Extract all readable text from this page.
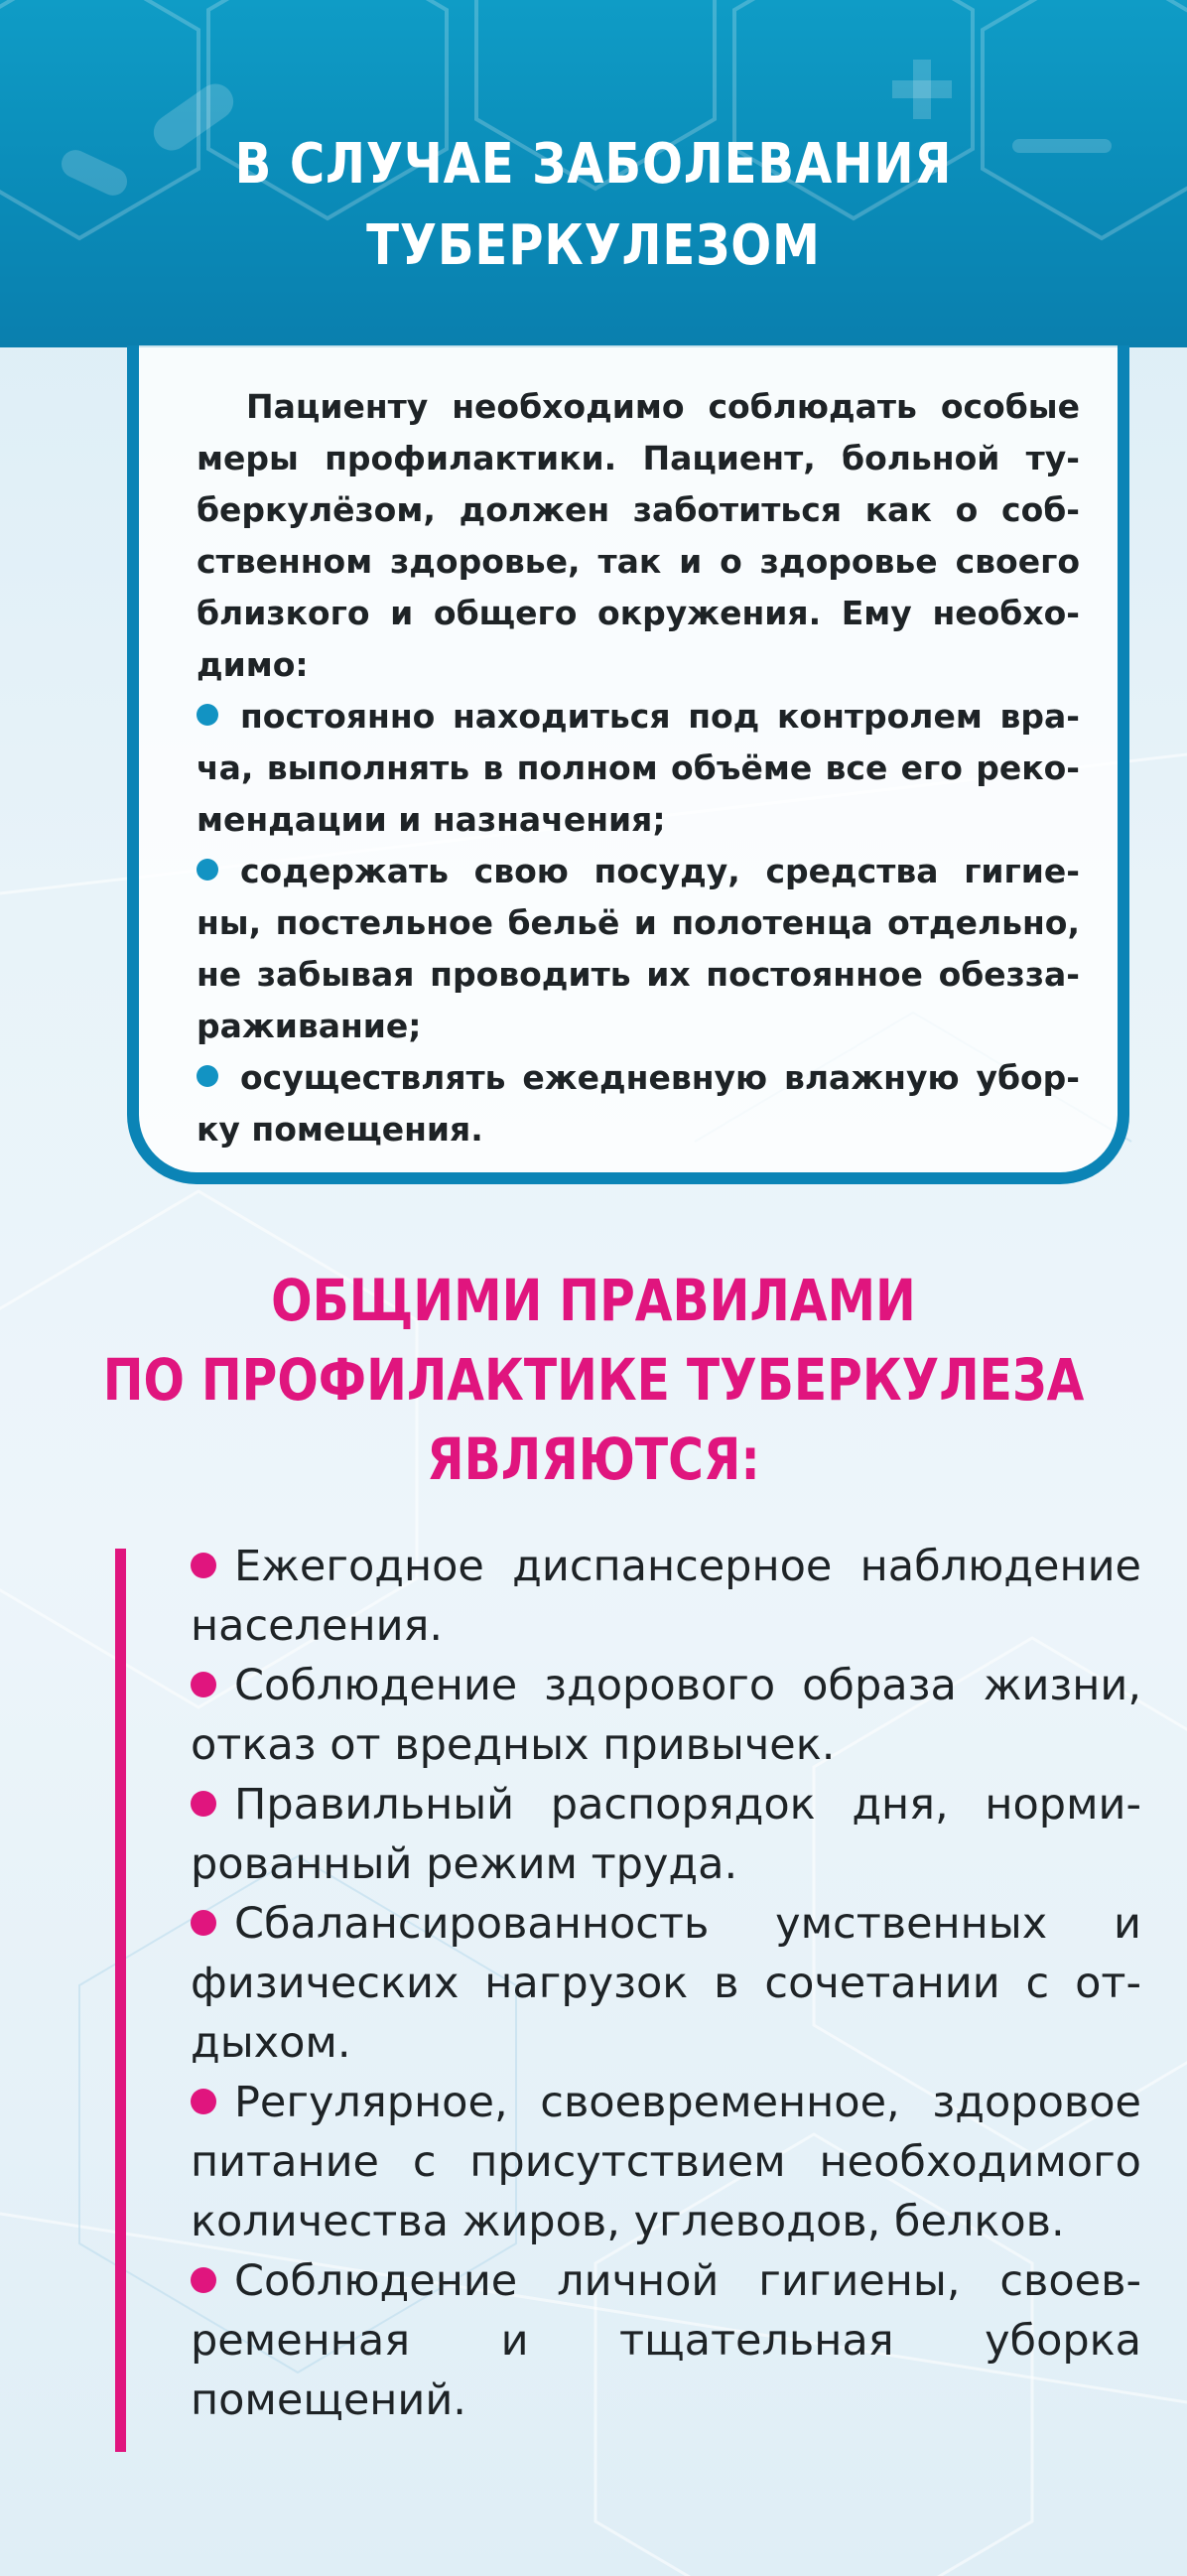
В СЛУЧАЕ ЗАБОЛЕВАНИЯ
ТУБЕРКУЛЕЗОМ

Пациенту необходимо соблюдать особые меры профилактики. Пациент, больной ту- беркулёзом, должен заботиться как о соб- ственном здоровье, так и о здоровье своего близкого и общего окружения. Ему необхо- димо:

постоянно находиться под контролем вра- ча, выполнять в полном объёме все его реко- мендации и назначения;

содержать свою посуду, средства гигие- ны, постельное бельё и полотенца отдельно, не забывая проводить их постоянное обезза- раживание;

осуществлять ежедневную влажную убор- ку помещения.

ОБЩИМИ ПРАВИЛАМИ
ПО ПРОФИЛАКТИКЕ ТУБЕРКУЛЕЗА
ЯВЛЯЮТСЯ:

Ежегодное диспансерное наблюдение населения.

Соблюдение здорового образа жизни, отказ от вредных привычек.

Правильный распорядок дня, норми- рованный режим труда.

Сбалансированность умственных и физических нагрузок в сочетании с от- дыхом.

Регулярное, своевременное, здоровое питание с присутствием необходимого количества жиров, углеводов, белков.

Соблюдение личной гигиены, своев- ременная и тщательная уборка помещений.
